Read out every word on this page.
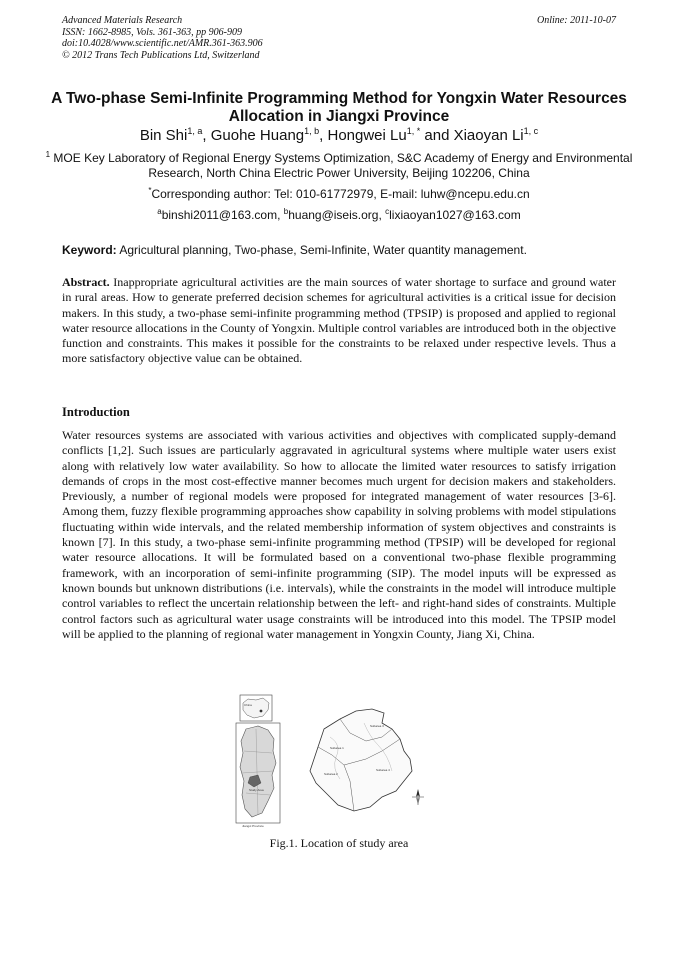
Advanced Materials Research
ISSN: 1662-8985, Vols. 361-363, pp 906-909
doi:10.4028/www.scientific.net/AMR.361-363.906
© 2012 Trans Tech Publications Ltd, Switzerland
Online: 2011-10-07
A Two-phase Semi-Infinite Programming Method for Yongxin Water Resources Allocation in Jiangxi Province
Bin Shi$^{1, a}$, Guohe Huang$^{1, b}$, Hongwei $Lu^{1, *}$ and Xiaoyan Li$^{1, c}$
$^1$ MOE Key Laboratory of Regional Energy Systems Optimization, S&C Academy of Energy and Environmental Research, North China Electric Power University, Beijing 102206, China
*Corresponding author: Tel: 010-61772979, E-mail: luhw@ncepu.edu.cn
$^a$binshi2011@163.com, $^b$huang@iseis.org, $^c$lixiaoyan1027@163.com
Keyword: Agricultural planning, Two-phase, Semi-Infinite, Water quantity management.
Abstract. Inappropriate agricultural activities are the main sources of water shortage to surface and ground water in rural areas. How to generate preferred decision schemes for agricultural activities is a critical issue for decision makers. In this study, a two-phase semi-infinite programming method (TPSIP) is proposed and applied to regional water resource allocations in the County of Yongxin. Multiple control variables are introduced both in the objective function and constraints. This makes it possible for the constraints to be relaxed under respective levels. Thus a more satisfactory objective value can be obtained.
Introduction
Water resources systems are associated with various activities and objectives with complicated supply-demand conflicts [1,2]. Such issues are particularly aggravated in agricultural systems where multiple water users exist along with relatively low water availability. So how to allocate the limited water resources to satisfy irrigation demands of crops in the most cost-effective manner becomes much urgent for decision makers and stakeholders. Previously, a number of regional models were proposed for integrated management of water resources [3-6]. Among them, fuzzy flexible programming approaches show capability in solving problems with model stipulations fluctuating within wide intervals, and the related membership information of system objectives and constraints is known [7]. In this study, a two-phase semi-infinite programming method (TPSIP) will be developed for regional water resource allocations. It will be formulated based on a conventional two-phase flexible programming framework, with an incorporation of semi-infinite programming (SIP). The model inputs will be expressed as known bounds but unknown distributions (i.e. intervals), while the constraints in the model will introduce multiple control variables to reflect the uncertain relationship between the left- and right-hand sides of constraints. Multiple control factors such as agricultural water usage constraints will be introduced into this model. The TPSIP model will be applied to the planning of regional water management in Yongxin County, Jiang Xi, China.
China
Study Area
Jiangxi Province
Subarea 3
Subarea 1
Subarea 2
Subarea 4
Fig.1. Location of study area
